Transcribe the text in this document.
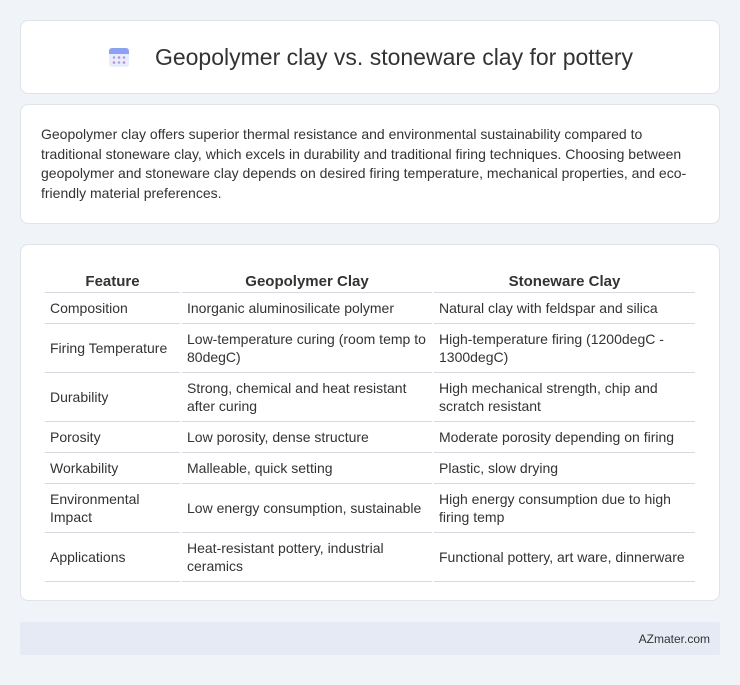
Geopolymer clay vs. stoneware clay for pottery

Geopolymer clay offers superior thermal resistance and environmental sustainability compared to traditional stoneware clay, which excels in durability and traditional firing techniques. Choosing between geopolymer and stoneware clay depends on desired firing temperature, mechanical properties, and eco-friendly material preferences.

Feature	Geopolymer Clay	Stoneware Clay
Composition	Inorganic aluminosilicate polymer	Natural clay with feldspar and silica
Firing Temperature	Low-temperature curing (room temp to 80degC)	High-temperature firing (1200degC - 1300degC)
Durability	Strong, chemical and heat resistant after curing	High mechanical strength, chip and scratch resistant
Porosity	Low porosity, dense structure	Moderate porosity depending on firing
Workability	Malleable, quick setting	Plastic, slow drying
Environmental Impact	Low energy consumption, sustainable	High energy consumption due to high firing temp
Applications	Heat-resistant pottery, industrial ceramics	Functional pottery, art ware, dinnerware
AZmater.com
